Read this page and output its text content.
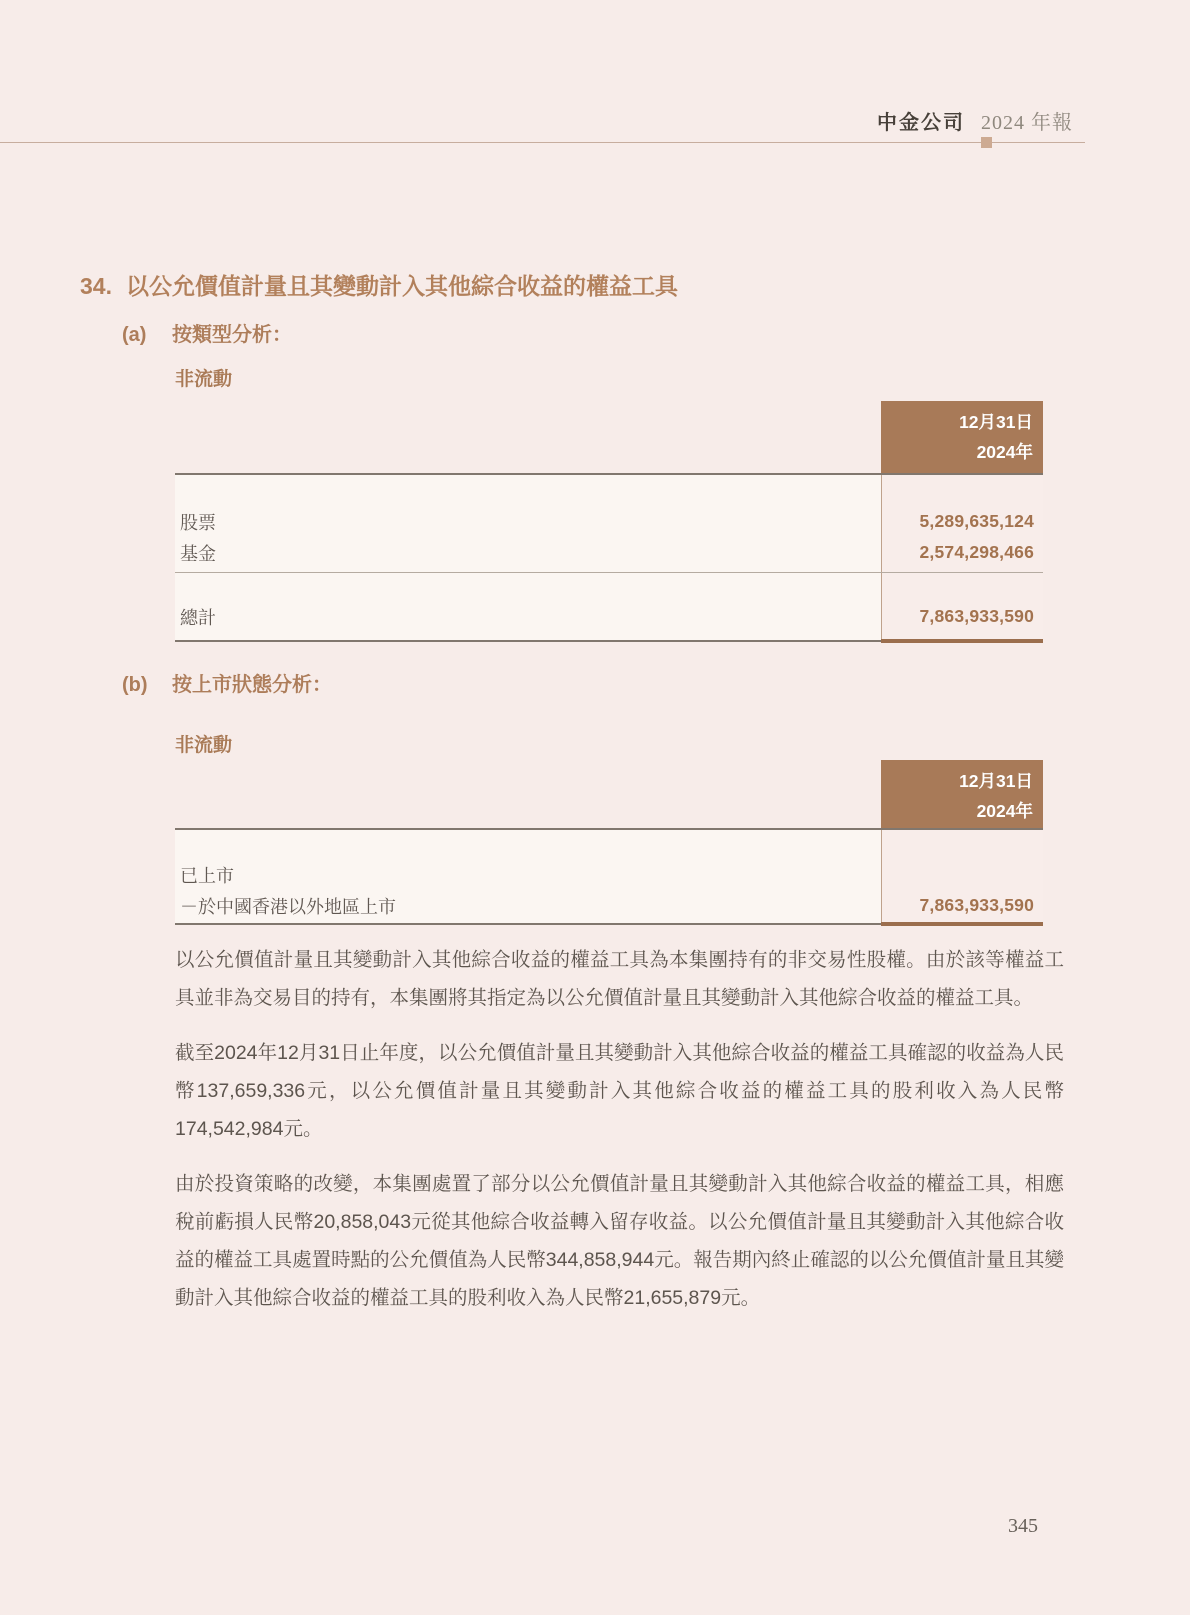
中金公司 2024 年報
34. 以公允價值計量且其變動計入其他綜合收益的權益工具
(a) 按類型分析：
非流動
12月31日
2024年
股票	5,289,635,124
基金	2,574,298,466
總計	7,863,933,590
(b) 按上市狀態分析：
非流動
12月31日
2024年
已上市
－於中國香港以外地區上市	7,863,933,590

以公允價值計量且其變動計入其他綜合收益的權益工具為本集團持有的非交易性股權。由於該等權益工具並非為交易目的持有，本集團將其指定為以公允價值計量且其變動計入其他綜合收益的權益工具。

截至2024年12月31日止年度，以公允價值計量且其變動計入其他綜合收益的權益工具確認的收益為人民幣137,659,336元，以公允價值計量且其變動計入其他綜合收益的權益工具的股利收入為人民幣174,542,984元。

由於投資策略的改變，本集團處置了部分以公允價值計量且其變動計入其他綜合收益的權益工具，相應稅前虧損人民幣20,858,043元從其他綜合收益轉入留存收益。以公允價值計量且其變動計入其他綜合收益的權益工具處置時點的公允價值為人民幣344,858,944元。報告期內終止確認的以公允價值計量且其變動計入其他綜合收益的權益工具的股利收入為人民幣21,655,879元。

345
